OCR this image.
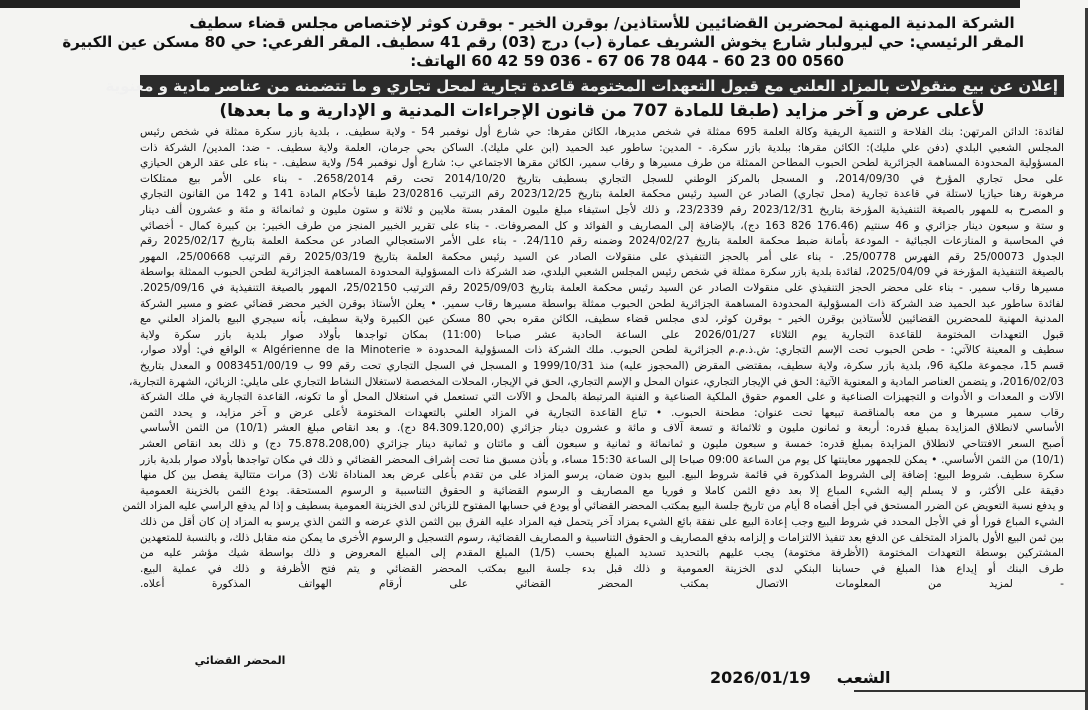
الشركة المدنية المهنية لمحضرين القضائيين للأستاذين/ بوقرن الخير - بوقرن كوثر لإختصاص مجلس قضاء سطيف
المقر الرئيسي: حي ليرولبار شارع يخوش الشريف عمارة (ب) درج (03) رقم 41 سطيف. المقر الفرعي: حي 80 مسكن عين الكبيرة
0560 00 23 60 - 044 78 06 67 - 036 59 42 60 الهاتف:
إعلان عن بيع منقولات بالمزاد العلني مع قبول التعهدات المختومة قاعدة تجارية لمحل تجاري و ما تتضمنه من عناصر مادية و معنوية
لأعلى عرض و آخر مزايد (طبقا للمادة 707 من قانون الإجراءات المدنية و الإدارية و ما بعدها)
لفائدة: الدائن المرتهن: بنك الفلاحة و التنمية الريفية وكالة العلمة 695 ممثلة في شخص مديرها، الكائن مقرها: حي شارع أول نوفمبر 54 - ولاية سطيف. ، بلدية بازر سكرة ممثلة في شخص رئيس
المجلس الشعبي البلدي (دفن علي مليك): الكائن مقرها: ببلدية بازر سكرة. - المدين: ساطور عبد الحميد (ابن علي مليك). الساكن بحي جرمان، العلمة ولاية سطيف. - ضد: المدين/ الشركة ذات
المسؤولية المحدودة المساهمة الجزائرية لطحن الحبوب المطاحن الممثلة من طرف مسيرها و رقاب سمير، الكائن مقرها الاجتماعي ب: شارع أول نوفمبر 54/ ولاية سطيف. - بناء على عقد الرهن الحيازي
على محل تجاري المؤرخ في 2014/09/30، و المسجل بالمركز الوطني للسجل التجاري بسطيف بتاريخ 2014/10/20 تحت رقم 2658/2014. - بناء على الأمر بيع ممتلكات
مرهونة رهنا حيازيا لاستلة في قاعدة تجارية (محل تجاري) الصادر عن السيد رئيس محكمة العلمة بتاريخ 2023/12/25 رقم الترتيب 23/02816 طبقا لأحكام المادة 141 و 142 من القانون التجاري
و المصرح به للمهور بالصيغة التنفيذية المؤرخة بتاريخ 2023/12/31 رقم 23/2339، و ذلك لأجل استيفاء مبلغ مليون المقدر بستة ملايين و ثلاثة و ستون مليون و ثمانمائة و مئة و عشرون ألف دينار
و ستة و سبعون دينار جزائري و 46 سنتيم (176.46 826 163 دج)، بالإضافة إلى المصاريف و الفوائد و كل المصروفات. - بناء على تقرير الخبير المنجز من طرف الخبير: بن كبيرة كمال - أخصائي
في المحاسبة و المنازعات الجبائية - المودعة بأمانة ضبط محكمة العلمة بتاريخ 2024/02/27 وضمنه رقم 24/110. - بناء على الأمر الاستعجالي الصادر عن محكمة العلمة بتاريخ 2025/02/17 رقم
الجدول 25/00073 رقم الفهرس 25/00778. - بناء على أمر بالحجز التنفيذي على منقولات الصادر عن السيد رئيس محكمة العلمة بتاريخ 2025/03/19 رقم الترتيب 25/00668، المهور
بالصيغة التنفيذية المؤرخة في 2025/04/09، لفائدة بلدية بازر سكرة ممثلة في شخص رئيس المجلس الشعبي البلدي، ضد الشركة ذات المسؤولية المحدودة المساهمة الجزائرية لطحن الحبوب الممثلة بواسطة
مسيرها رقاب سمير. - بناء على محضر الحجز التنفيذي على منقولات الصادر عن السيد رئيس محكمة العلمة بتاريخ 2025/09/03 رقم الترتيب 25/02150، المهور بالصيغة التنفيذية في 2025/09/16.
لفائدة ساطور عبد الحميد ضد الشركة ذات المسؤولية المحدودة المساهمة الجزائرية لطحن الحبوب ممثلة بواسطة مسيرها رقاب سمير. • يعلن الأستاذ بوقرن الخير محضر قضائي عضو و مسير الشركة
المدنية المهنية للمحضرين القضائيين للأستاذين بوقرن الخير - بوقرن كوثر، لدى مجلس قضاء سطيف، الكائن مقره بحي 80 مسكن عين الكبيرة ولاية سطيف، بأنه سيجري البيع بالمزاد العلني مع
قبول التعهدات المختومة للقاعدة التجارية يوم الثلاثاء 2026/01/27 على الساعة الحادية عشر صباحا (11:00) بمكان تواجدها بأولاد صوار بلدية بازر سكرة ولاية
سطيف و المعينة كالآتي: - طحن الحبوب تحت الإسم التجاري: ش.ذ.م.م الجزائرية لطحن الحبوب. ملك الشركة ذات المسؤولية المحدودة « Algérienne de la Minoterie » الواقع في: أولاد صوار،
قسم 15، مجموعة ملكية 96، بلدية بازر سكرة، ولاية سطيف، بمقتضى المقرض (المحجوز عليه) منذ 1999/10/31 و المسجل في السجل التجاري تحت رقم 99 ب 0083451/00/19 و المعدل بتاريخ
2016/02/03، و يتضمن العناصر المادية و المعنوية الآتية: الحق في الإيجار التجاري، عنوان المحل و الإسم التجاري، الحق في الإيجار، المحلات المخصصة لاستغلال النشاط التجاري على مايلي: الزبائن، الشهرة التجارية،
الآلات و المعدات و الأدوات و التجهيزات الصناعية و على العموم حقوق الملكية الصناعية و الفنية المرتبطة بالمحل و الآلات التي تستعمل في استغلال المحل أو ما تكونه، القاعدة التجارية في ملك الشركة
رقاب سمير مسيرها و من معه بالمناقصة تبيعها تحت عنوان: مطحنة الحبوب. • تباع القاعدة التجارية في المزاد العلني بالتعهدات المختومة لأعلى عرض و آخر مزايد، و يحدد الثمن
الأساسي لانطلاق المزايدة بمبلغ قدره: أربعة و ثمانون مليون و ثلاثمائة و تسعة آلاف و مائة و عشرون دينار جزائري (84.309.120,00 دج). و بعد انقاص مبلغ العشر (10/1) من الثمن الأساسي
أصبح السعر الافتتاحي لانطلاق المزايدة بمبلغ قدره: خمسة و سبعون مليون و ثمانمائة و ثمانية و سبعون ألف و مائتان و ثمانية دينار جزائري (75.878.208,00 دج) و ذلك بعد انقاص العشر
(10/1) من الثمن الأساسي. • يمكن للجمهور معاينتها كل يوم من الساعة 09:00 صباحا إلى الساعة 15:30 مساء، و بأذن مسبق منا تحت إشراف المحضر القضائي و ذلك في مكان تواجدها بأولاد صوار بلدية بازر
سكرة سطيف. شروط البيع: إضافة إلى الشروط المذكورة في قائمة شروط البيع. البيع بدون ضمان، يرسو المزاد على من تقدم بأعلى عرض بعد المناداة ثلاث (3) مرات متتالية يفصل بين كل منها
دقيقة على الأكثر، و لا يسلم إليه الشيء المباع إلا بعد دفع الثمن كاملا و فوريا مع المصاريف و الرسوم القضائية و الحقوق التناسبية و الرسوم المستحقة. يودع الثمن بالخزينة العمومية
و يدفع نسبة التعويض عن الضرر المستحق في أجل أقصاه 8 أيام من تاريخ جلسة البيع بمكتب المحضر القضائي أو يودع في حسابها المفتوح للزبائن لدى الخزينة العمومية بسطيف و إذا لم يدفع الراسي عليه المزاد الثمن
الشيء المباع فورا أو في الأجل المحدد في شروط البيع وجب إعادة البيع على نفقة بائع الشيء بمزاد آخر يتحمل فيه المزاد عليه الفرق بين الثمن الذي عرضه و الثمن الذي يرسو به المزاد إن كان أقل من ذلك
بين ثمن البيع الأول بالمزاد المتخلف عن الدفع بعد تنفيذ الالتزامات و إلزامه بدفع المصاريف و الحقوق التناسبية و المصاريف القضائية، رسوم التسجيل و الرسوم الأخرى ما يمكن منه مقابل ذلك، و بالنسبة للمتعهدين
المشتركين بوسطة التعهدات المختومة (الأظرفة مختومة) يجب عليهم بالتحديد تسديد المبلغ بحسب (1/5) المبلغ المقدم إلى المبلغ المعروض و ذلك بواسطة شيك مؤشر عليه من
طرف البنك أو إيداع هذا المبلغ في حسابنا البنكي لدى الخزينة العمومية و ذلك قبل بدء جلسة البيع بمكتب المحضر القضائي و يتم فتح الأظرفة و ذلك في عملية البيع.
- لمزيد من المعلومات الاتصال بمكتب المحضر القضائي على أرقام الهواتف المذكورة أعلاه.
المحضر القضائي
الشعب2026/01/19
